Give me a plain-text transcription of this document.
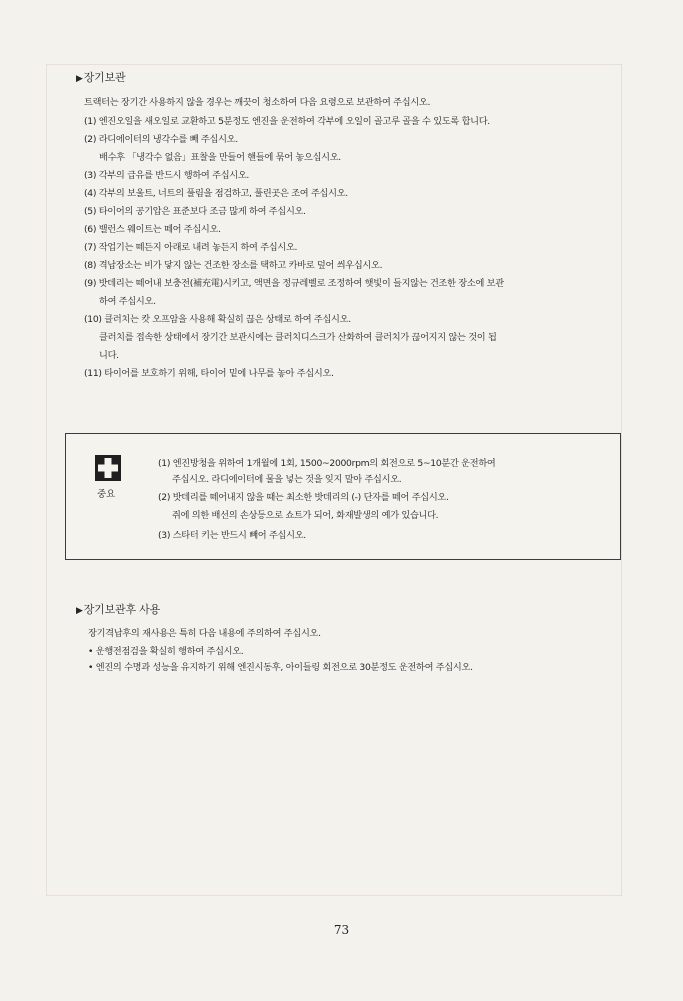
▶장기보관
트랙터는 장기간 사용하지 않을 경우는 깨끗이 청소하여 다음 요령으로 보관하여 주십시오.
(1) 엔진오일을 새오일로 교환하고 5분정도 엔진을 운전하여 각부에 오일이 골고루 골을 수 있도록 합니다.
(2) 라디에이터의 냉각수를 빼 주십시오.
배수후 「냉각수 없음」표찰을 만들어 핸들에 묶어 놓으십시오.
(3) 각부의 급유를 반드시 행하여 주십시오.
(4) 각부의 보울트, 너트의 풀림을 점검하고, 풀린곳은 조여 주십시오.
(5) 타이어의 공기압은 표준보다 조금 많게 하여 주십시오.
(6) 밸런스 웨이트는 떼어 주십시오.
(7) 작업기는 떼든지 아래로 내려 놓든지 하여 주십시오.
(8) 격납장소는 비가 닿지 않는 건조한 장소를 택하고 카바로 덮어 씌우십시오.
(9) 밧데리는 떼어내 보충전(補充電)시키고, 액면을 정규레벨로 조정하여 햇빛이 들지않는 건조한 장소에 보관
하여 주십시오.
(10) 클러치는 캇 오프암을 사용해 확실히 끊은 상태로 하여 주십시오.
클러치를 접속한 상태에서 장기간 보관시에는 클러치디스크가 산화하여 클러치가 끊어지지 않는 것이 됩
니다.
(11) 타이어를 보호하기 위해, 타이어 밑에 나무를 놓아 주십시오.
중요
(1) 엔진방청을 위하여 1개월에 1회, 1500~2000rpm의 회전으로 5~10분간 운전하여
주십시오. 라디에이터에 물을 넣는 것을 잊지 말아 주십시오.
(2) 밧데리를 떼어내지 않을 때는 최소한 밧데리의 (-) 단자를 떼어 주십시오.
쥐에 의한 배선의 손상등으로 쇼트가 되어, 화재발생의 예가 있습니다.
(3) 스타터 키는 반드시 빼어 주십시오.
▶장기보관후 사용
장기격납후의 재사용은 특히 다음 내용에 주의하여 주십시오.
• 운행전점검을 확실히 행하여 주십시오.
• 엔진의 수명과 성능을 유지하기 위해 엔진시동후, 아이들링 회전으로 30분정도 운전하여 주십시오.
73
